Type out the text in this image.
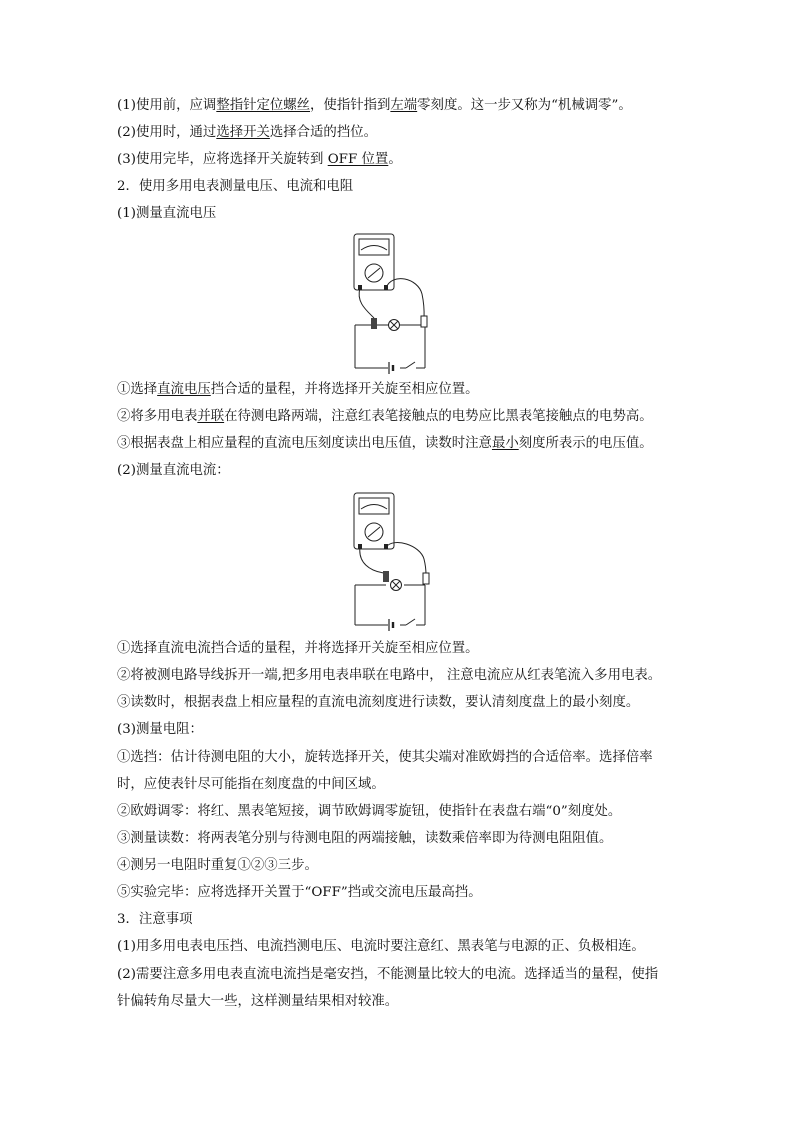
(1)使用前，应调整指针定位螺丝，使指针指到左端零刻度。这一步又称为“机械调零”。
(2)使用时，通过选择开关选择合适的挡位。
(3)使用完毕，应将选择开关旋转到 OFF 位置。
2．使用多用电表测量电压、电流和电阻
(1)测量直流电压
①选择直流电压挡合适的量程，并将选择开关旋至相应位置。
②将多用电表并联在待测电路两端，注意红表笔接触点的电势应比黑表笔接触点的电势高。
③根据表盘上相应量程的直流电压刻度读出电压值，读数时注意最小刻度所表示的电压值。
(2)测量直流电流：
①选择直流电流挡合适的量程，并将选择开关旋至相应位置。
②将被测电路导线拆开一端,把多用电表串联在电路中， 注意电流应从红表笔流入多用电表。
③读数时，根据表盘上相应量程的直流电流刻度进行读数，要认清刻度盘上的最小刻度。
(3)测量电阻：
①选挡：估计待测电阻的大小，旋转选择开关，使其尖端对准欧姆挡的合适倍率。选择倍率
时，应使表针尽可能指在刻度盘的中间区域。
②欧姆调零：将红、黑表笔短接，调节欧姆调零旋钮，使指针在表盘右端“0”刻度处。
③测量读数：将两表笔分别与待测电阻的两端接触，读数乘倍率即为待测电阻阻值。
④测另一电阻时重复①②③三步。
⑤实验完毕：应将选择开关置于“OFF”挡或交流电压最高挡。
3．注意事项
(1)用多用电表电压挡、电流挡测电压、电流时要注意红、黑表笔与电源的正、负极相连。
(2)需要注意多用电表直流电流挡是毫安挡，不能测量比较大的电流。选择适当的量程，使指
针偏转角尽量大一些，这样测量结果相对较准。
